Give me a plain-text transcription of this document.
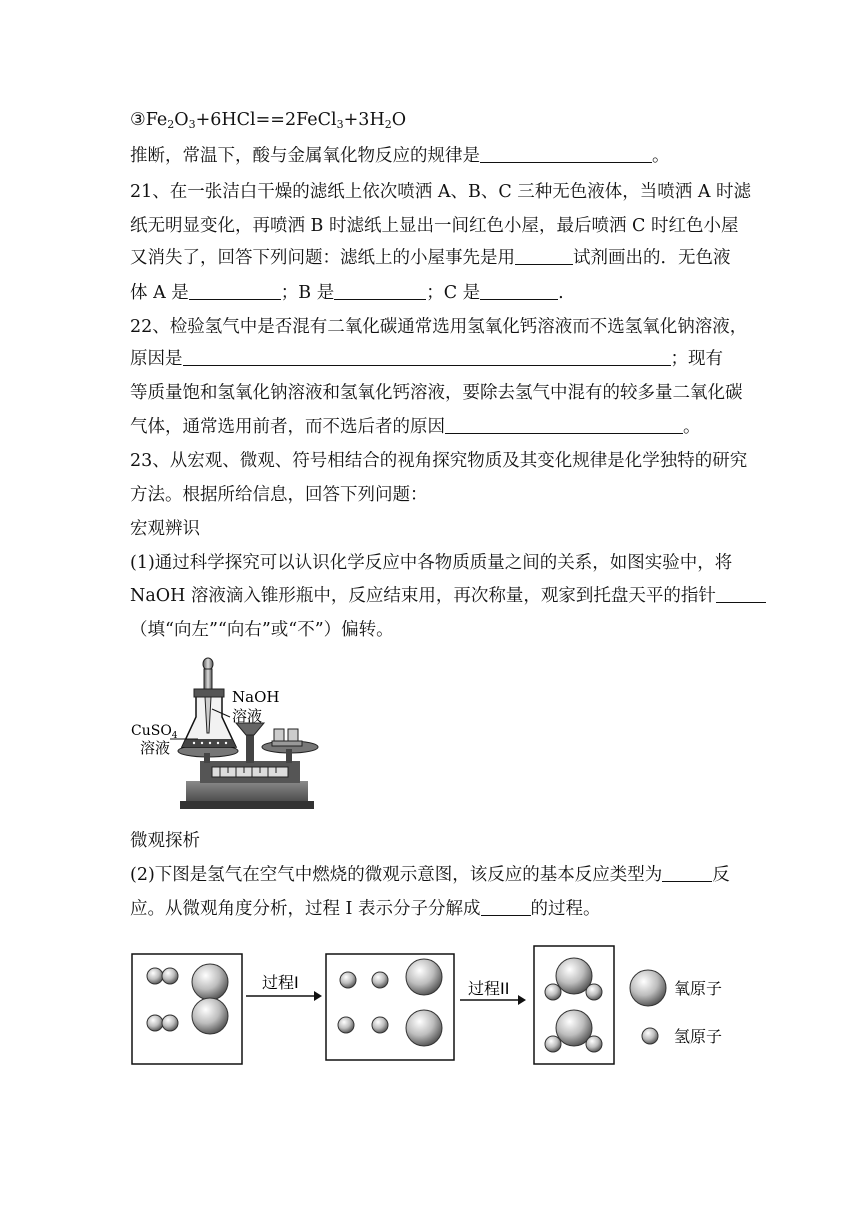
$③Fe_2O_3+6HCl==2FeCl_3+3H_2O$
推断，常温下，酸与金属氧化物反应的规律是	。
21、在一张洁白干燥的滤纸上依次喷洒 A、B、C 三种无色液体，当喷洒 A 时滤
纸无明显变化，再喷洒 B 时滤纸上显出一间红色小屋，最后喷洒 C 时红色小屋
又消失了，回答下列问题：滤纸上的小屋事先是用	试剂画出的．无色液
体 A 是	；B 是	；C 是	.
22、检验氢气中是否混有二氧化碳通常选用氢氧化钙溶液而不选氢氧化钠溶液，
原因是	；现有
等质量饱和氢氧化钠溶液和氢氧化钙溶液，要除去氢气中混有的较多量二氧化碳
气体，通常选用前者，而不选后者的原因	。
23、从宏观、微观、符号相结合的视角探究物质及其变化规律是化学独特的研究
方法。根据所给信息，回答下列问题：
宏观辨识
(1)通过科学探究可以认识化学反应中各物质质量之间的关系，如图实验中，将
NaOH 溶液滴入锥形瓶中，反应结束用，再次称量，观家到托盘天平的指针
（填“向左”“向右”或“不”）偏转。
NaOH
溶液
CuSO$_4$
溶液
微观探析
(2)下图是氢气在空气中燃烧的微观示意图，该反应的基本反应类型为	反
应。从微观角度分析，过程 I 表示分子分解成	的过程。
过程I	过程II	氧原子
氢原子
